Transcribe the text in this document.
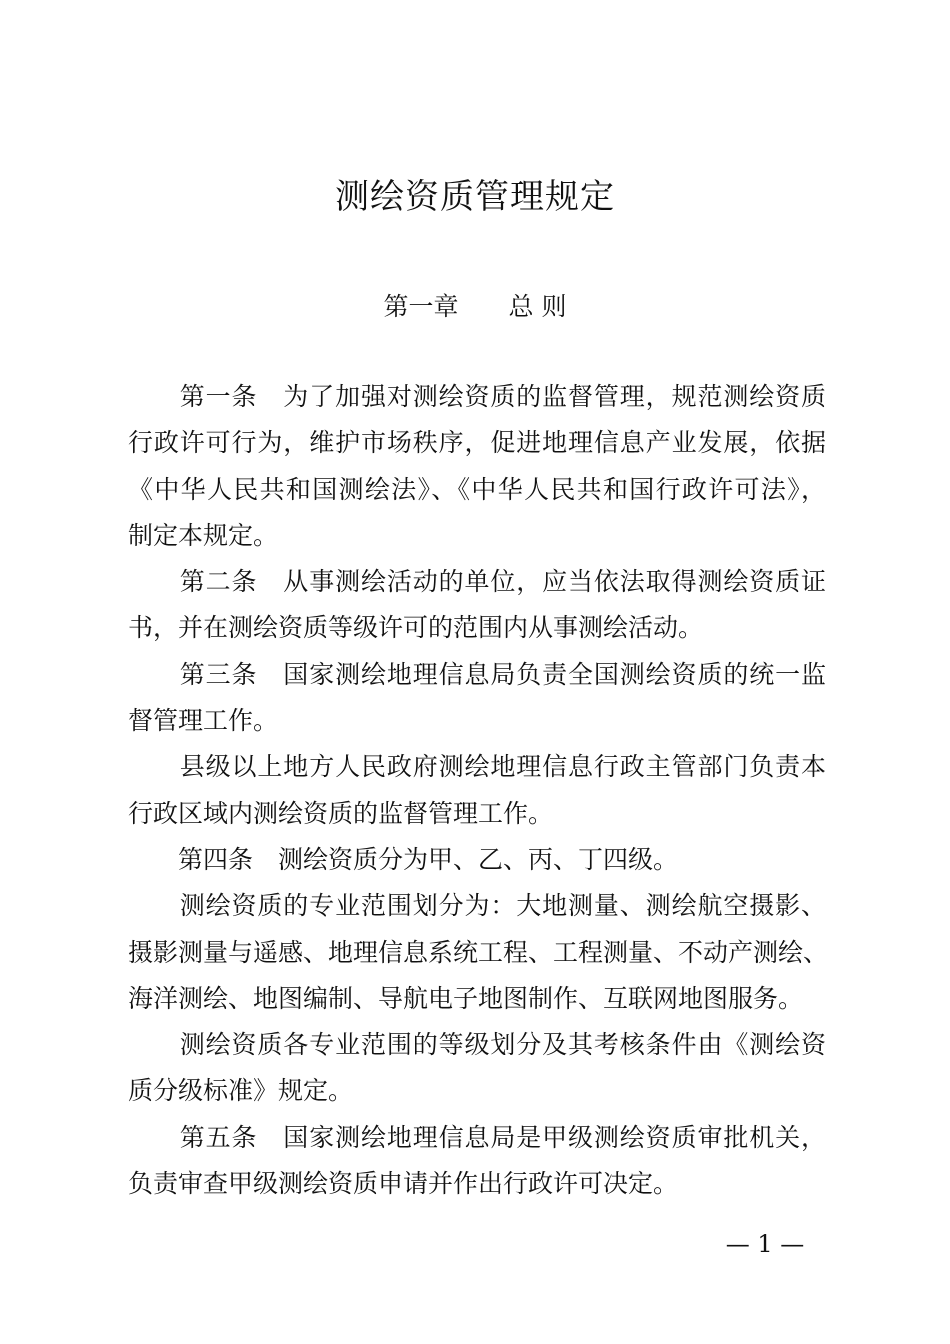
测绘资质管理规定
第一章　　总 则

　　第一条　为了加强对测绘资质的监督管理，规范测绘资质
行政许可行为，维护市场秩序，促进地理信息产业发展，依据
《中华人民共和国测绘法》、《中华人民共和国行政许可法》，
制定本规定。

　　第二条　从事测绘活动的单位，应当依法取得测绘资质证
书，并在测绘资质等级许可的范围内从事测绘活动。

　　第三条　国家测绘地理信息局负责全国测绘资质的统一监
督管理工作。

　　县级以上地方人民政府测绘地理信息行政主管部门负责本
行政区域内测绘资质的监督管理工作。

　　第四条　测绘资质分为甲、乙、丙、丁四级。

　　测绘资质的专业范围划分为：大地测量、测绘航空摄影、
摄影测量与遥感、地理信息系统工程、工程测量、不动产测绘、
海洋测绘、地图编制、导航电子地图制作、互联网地图服务。

　　测绘资质各专业范围的等级划分及其考核条件由《测绘资
质分级标准》规定。

　　第五条　国家测绘地理信息局是甲级测绘资质审批机关，
负责审查甲级测绘资质申请并作出行政许可决定。

— 1 —
